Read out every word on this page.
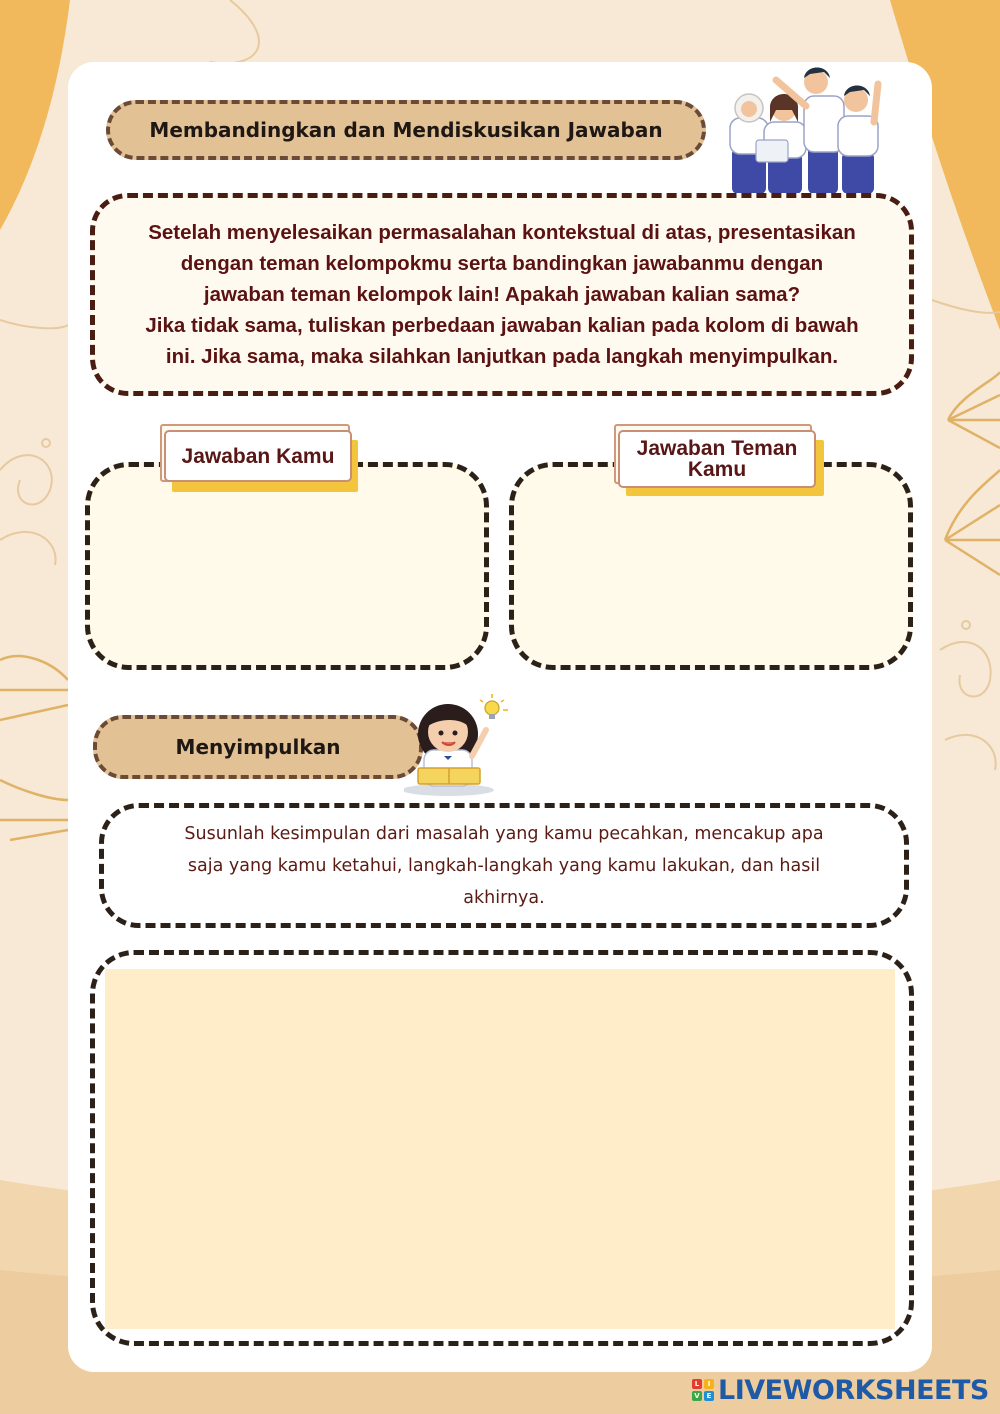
Membandingkan dan Mendiskusikan Jawaban

Setelah menyelesaikan permasalahan kontekstual di atas, presentasikan
dengan teman kelompokmu serta bandingkan jawabanmu dengan
jawaban teman kelompok lain! Apakah jawaban kalian sama?
Jika tidak sama, tuliskan perbedaan jawaban kalian pada kolom di bawah
ini. Jika sama, maka silahkan lanjutkan pada langkah menyimpulkan.

Jawaban Kamu	Jawaban Teman
Kamu
Menyimpulkan

Susunlah kesimpulan dari masalah yang kamu pecahkan, mencakup apa
saja yang kamu ketahui, langkah-langkah yang kamu lakukan, dan hasil
akhirnya.

L	I
V E LIVEWORKSHEETS
